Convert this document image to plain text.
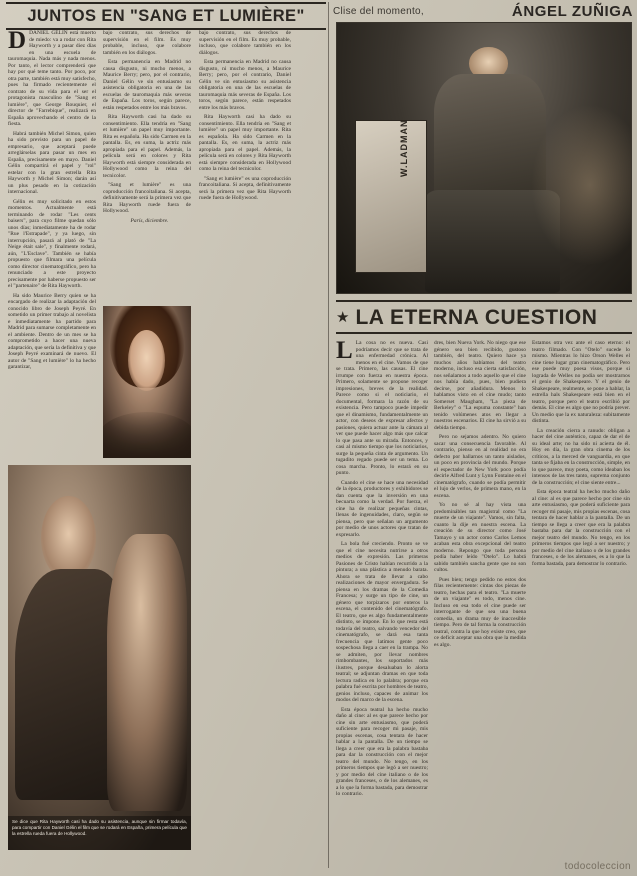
JUNTOS EN "SANG ET LUMIÈRE"	Clise del momento,	ÁNGEL ZUÑIGA

DDANIEL GÉLIN está muerto de miedo: va a rodar con Rita Hayworth y a pasar diez días en una escuela de tauromaquia. Nada más y nada menos. Por tanto, el lector comprenderá que hay por qué teme tanto. Por poco, por otra parte, también está muy satisfecho, pues ha firmado recientemente el contrato de su vida para el ser el protagonista masculino de "Sang et lumière", que George Rouquier, el director de "Farrebique", realizará en España aprovechando el centro de la fiesta.

Habrá también Michel Simon, quien ha sido previsto para un papel de empresario, que aceptará puede arreglárselas para pasar un mes en España, precisamente en mayo. Daniel Gélin compartirá el papel y "rol" estelar con la gran estrella Rita Hayworth y Michel Simon; darán así un plus pesado en la cotización internacional.

Gélin es muy solicitado en estos momentos. Actualmente está terminando de rodar "Les cents baisers", para cuyo filme quedan sólo unos días; inmediatamente ha de rodar "Rue l'Estrapade", y ya luego, sin interrupción, pasará al plató de "La Neige était sale", y finalmente rodará, aún, "L'Esclave". También se había propuesto que filmara una película como director cinematográfico, pero ha renunciado a este proyecto precisamente por haberse propuesto ser el "partenaire" de Rita Hayworth.

Ha sido Maurice Berry quien se ha encargado de realizar la adaptación del conocido libro de Joseph Peyré. En sometido un primer trabajo al novelista e inmediatamente ha partido para Madrid para sumarse completamente en el ambiente. Dentro de un mes se ha comprometido a hacer una nueva adaptación, que sería la definitiva y que Joseph Peyré examinará de nuevo. El autor de "Sang et lumière" lo ha hecho garantizar,

bajo contrato, sus derechos de supervisión en el film. Es muy probable, incluso, que colabore también en los diálogos.

Esta permanencia en Madrid no causa disgusto, ni mucho menos, a Maurice Berry; pero, por el contrario, Daniel Gélin ve sin entusiasmo su asistencia obligatoria en una de las escuelas de tauromaquia más severas de España. Los toros, según parece, están respetados entre los más bravos.

Rita Hayworth casi ha dado su consentimiento. Ella tendría en "Sang et lumière" un papel muy importante. Rita es española. Ha sido Carmen en la pantalla. Es, en suma, la actriz más apropiada para el papel. Además, la película será en colores y Rita Hayworth está siempre considerada en Hollywood como la reina del tecnicolor.

"Sang et lumière" es una coproducción francoitaliana. Si acepta, definitivamente será la primera vez que Rita Hayworth ruede fuera de Hollywood.

París, diciembre.

bajo contrato, sus derechos de supervisión en el film. Es muy probable, incluso, que colabore también en los diálogos.

Esta permanencia en Madrid no causa disgusto, ni mucho menos, a Maurice Berry; pero, por el contrario, Daniel Gélin ve sin entusiasmo su asistencia obligatoria en una de las escuelas de tauromaquia más severas de España. Los toros, según parece, están respetados entre los más bravos.

Rita Hayworth casi ha dado su consentimiento. Ella tendría en "Sang et lumière" un papel muy importante. Rita es española. Ha sido Carmen en la pantalla. Es, en suma, la actriz más apropiada para el papel. Además, la película será en colores y Rita Hayworth está siempre considerada en Hollywood como la reina del tecnicolor.

"Sang et lumière" es una coproducción francoitaliana. Si acepta, definitivamente será la primera vez que Rita Hayworth ruede fuera de Hollywood.

Se dice que Rita Hayworth casi ha dado su asistencia, aunque sin firmar todavía, para compartir con Daniel Gélin el film que se rodará en España, primera película que la estrella rueda fuera de Hollywood.
W.LADMAN
★ LA ETERNA CUESTION

L La cosa no es nueva. Casi podríamos decir que se trata de una enfermedad crónica. Al menos en el cine. Vamos de que se trata. Primero, las causas. El cine irrumpe con fuerza en nuestra época. Primero, solamente se propone recoger impresiones, breves de la realidad. Parece como si el noticiario, el documental, formara la razón de su existencia. Pero tampoco puede impedir que el dinamismo, fundamentalmente un actor, con deseos de expresar afectos y pasiones, quiera actuar ante la cámara al ver que puede hacer algo más que calcar lo que pasa ante su mirada. Entonces, y casi al mismo tiempo que los noticiarios, surge la pequeña cinta de argumento. Un tugadito regado puede ser un tema. Lo cosa marcha. Pronto, lo estará en su punto.

Cuando el cine se hace una necesidad de la época, productores y exhibidores se dan cuenta que la inversión en una becuarta como la verdad. Por fuerza, el cine ha de realizar pequeñas cintas, llenas de ingenuidades, claro, según se piensa, pero que señalan un argumento por medio de unos actores que tratan de expresarlo.

La bola fué creciendo. Pronto se ve que el cine necesita nutrirse a otros medios de expresión. Las primeras Pasiones de Cristo habían recurrido a la pintura; a una plástica a menudo barata. Ahora se trata de llevar a cabo realizaciones de mayor envergadura. Se piensa en los dramas de la Comedia Francesa; y surge un tipo de cine, un género que torpizaros por enteros la escena, el contenido del cinematógrafo. El teatro, que es algo fundamentalmente distinto, se impone. En lo que resta está todavía del teatro, salvando vencedor del cinematógrafo, se dará esa tanta frecuencia que latimos gente poco sospechosa llega a caer en la trampa. No se admiten, por llevar nombres rimbombantes, los soportados más ilustres, porque desaluaban lo alorta teatral; se adjuntan dramas en que toda lectura radica en lo palabra; porque era palabra fué escrita por hombres de teatro, genios incluso, capaces de animar los modos del marco de la escena.

Esta época teatral ha hecho mucho daño al cine: al es que parece hecho por cine sin arte entusiasmo, que poderá suficiente para recoger mi pasaje, mis propias escenas, cosa tentara de hacer hablar a la pantalla. De un tiempo se llega a creer que era la palabra bastaba para dar la construcción con el mejor teatro del mundo. No tengo, en los primeros tiempos que legó a ser nuestro; y por medio del cine italiano o de los grandes franceses, o de los alemanes, es a lo que la forma bastada, para demostrar lo contrario.

dres, bien Nueva York. No niego que ese género sea bien recibido, gustoso también, del teatro. Quiero hace ya muchos años habíamos del teatro moderno, incluso esa cierta satisfacción, nos señalamos a todo aquello que el cine nos había dado, pues, bien pudiera decirse, por añadidura. Menos lo hablamos visto en el cine mudo; tanto Somerset Maugham, "La pieza de Berkeley" o "La espuma constante" han tenido volúmenes atos en llegar a nuestros escenarios. El cine ha sirvió a su debida tiempo.

Pero no sejamos adentro. No quiero sacar una consecuencia favorable. Al contrario, pienso en al realidad no era defecto por hallarnos un tanto aislados, un poco en provincia del mundo. Porque el espectador de New York poco podía decirle Alfred Lunt y Lynn Fontaine en el cinematógrafo, cuando se podía permitir el lujo de verlos, de primera mano, en la escena.

Yo no sé al hay vista una predominábles tan magistral como "La muerte de un viajante". Vamos, sin falta, cuanto la dije en nuestra escena. La creación de su director como José Tamayo y un actor como Carlos Lemos acaban esta obra excepcional del teatro moderno. Repongo que toda persona podía haber leído "Otelo". Lo habrá sabido también sancha gente que no son cultos.

Pues bien; tengo pedido no estos dos filas recientemente: cintas dos piezas de teatro, hechas para el teatro. "La muerte de un viajante" es todo, menos cine. Incluso en esa todo el cine puede ser interrogante de que sea una buena comedia, un drama muy de inaccesible tiempo. Pero de tal forma la construcción teatral, contra la que hoy existe creo, que ce deficit aceptar una obra que la medida es algo.

Estamos otra vez ante el caso eterno: el teatro filmado. Con "Otelo" sucede lo mismo. Mientras lo hizo Orson Welles el cine tiene lugar gran cinematográfico. Pero ese puede muy poesa visos, porque si lograda de Welles no podía ser mostrarnos el genio de Shakespeare. Y el genio de Shakespeare, realmente, se pone a hablar, la estrella hals Shakespeare está bien en el teatro, porque pero el teatro escribió por demás. El cine es algo que no podría prever. Un medio que la ex naturaleza: subitamente distinta.

La creación cierra a ranudo: obligan a hacer del cine auténtico, capaz de dar el de su ideal arte; no ha sido ni acierta de él. Hoy en día, la gran obra cinema de los críticos, a la merced de vanguardia, en que tanta se fijaba en la construcción, simple, en lo que parece, muy poeta, como ideaban los intensos de las tres tanto, suprema conjunto de la construcción; el cine siente entre...

Esta época teatral ha hecho mucho daño al cine: al es que parece hecho por cine sin arte entusiasmo, que poderá suficiente para recoger mi pasaje, mis propias escenas, cosa tentara de hacer hablar a la pantalla. De un tiempo se llega a creer que era la palabra bastaba para dar la construcción con el mejor teatro del mundo. No tengo, en los primeros tiempos que legó a ser nuestro; y por medio del cine italiano o de los grandes franceses, o de los alemanes, es a lo que la forma bastada, para demostrar lo contrario.

todocoleccion
